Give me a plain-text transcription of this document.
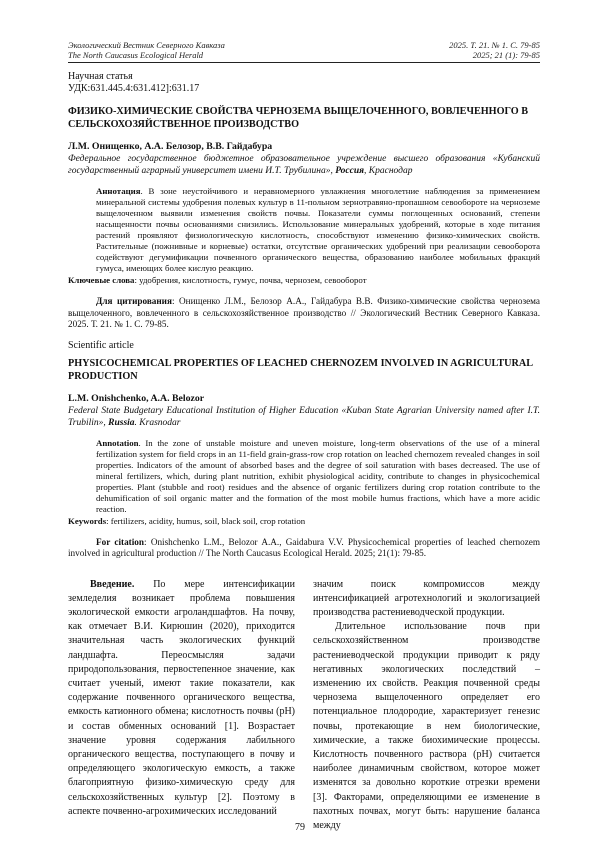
Экологический Вестник Северного Кавказа
The North Caucasus Ecological Herald
2025. Т. 21. № 1. С. 79-85
2025; 21 (1): 79-85
Научная статья
УДК:631.445.4:631.412]:631.17
ФИЗИКО-ХИМИЧЕСКИЕ СВОЙСТВА ЧЕРНОЗЕМА ВЫЩЕЛОЧЕННОГО, ВОВЛЕЧЕННОГО В СЕЛЬСКОХОЗЯЙСТВЕННОЕ ПРОИЗВОДСТВО
Л.М. Онищенко, А.А. Белозор, В.В. Гайдабура
Федеральное государственное бюджетное образовательное учреждение высшего образования «Кубанский государственный аграрный университет имени И.Т. Трубилина», Россия, Краснодар
Аннотация. В зоне неустойчивого и неравномерного увлажнения многолетние наблюдения за применением минеральной системы удобрения полевых культур в 11-польном зернотравяно-пропашном севообороте на черноземе выщелоченном выявили изменения свойств почвы. Показатели суммы поглощенных оснований, степени насыщенности почвы основаниями снизились. Использование минеральных удобрений, которые в ходе питания растений проявляют физиологическую кислотность, способствуют изменению физико-химических свойств. Растительные (пожнивные и корневые) остатки, отсутствие органических удобрений при реализации севооборота содействуют дегумификации почвенного органического вещества, образованию наиболее мобильных фракций гумуса, имеющих более кислую реакцию.
Ключевые слова: удобрения, кислотность, гумус, почва, чернозем, севооборот
Для цитирования: Онищенко Л.М., Белозор А.А., Гайдабура В.В. Физико-химические свойства чернозема выщелоченного, вовлеченного в сельскохозяйственное производство // Экологический Вестник Северного Кавказа. 2025. Т. 21. № 1. С. 79-85.
Scientific article
PHYSICOCHEMICAL PROPERTIES OF LEACHED CHERNOZEM INVOLVED IN AGRICULTURAL PRODUCTION
L.M. Onishchenko, A.A. Belozor
Federal State Budgetary Educational Institution of Higher Education «Kuban State Agrarian University named after I.T. Trubilin», Russia. Krasnodar
Annotation. In the zone of unstable moisture and uneven moisture, long-term observations of the use of a mineral fertilization system for field crops in an 11-field grain-grass-row crop rotation on leached chernozem revealed changes in soil properties. Indicators of the amount of absorbed bases and the degree of soil saturation with bases decreased. The use of mineral fertilizers, which, during plant nutrition, exhibit physiological acidity, contribute to changes in physicochemical properties. Plant (stubble and root) residues and the absence of organic fertilizers during crop rotation contribute to the dehumification of soil organic matter and the formation of the most mobile humus fractions, which have a more acidic reaction.
Keywords: fertilizers, acidity, humus, soil, black soil, crop rotation
For citation: Onishchenko L.M., Belozor A.A., Gaidabura V.V. Physicochemical properties of leached chernozem involved in agricultural production // The North Caucasus Ecological Herald. 2025; 21(1): 79-85.

Введение. По мере интенсификации земледелия возникает проблема повышения экологической емкости агроландшафтов. На почву, как отмечает В.И. Кирюшин (2020), приходится значительная часть экологических функций ландшафта. Переосмысляя задачи природопользования, первостепенное значение, как считает ученый, имеют такие показатели, как содержание почвенного органического вещества, емкость катионного обмена; кислотность почвы (рН) и состав обменных оснований [1]. Возрастает значение уровня содержания лабильного органического вещества, поступающего в почву и определяющего экологическую емкость, а также благоприятную физико-химическую среду для сельскохозяйственных культур [2]. Поэтому в аспекте почвенно-агрохимических исследований

значим поиск компромиссов между интенсификацией агротехнологий и экологизацией производства растениеводческой продукции.

Длительное использование почв при сельскохозяйственном производстве растениеводческой продукции приводит к ряду негативных экологических последствий – изменению их свойств. Реакция почвенной среды чернозема выщелоченного определяет его потенциальное плодородие, характеризует генезис почвы, протекающие в нем биологические, химические, а также биохимические процессы. Кислотность почвенного раствора (рН) считается наиболее динамичным свойством, которое может изменятся за довольно короткие отрезки времени [3]. Факторами, определяющими ее изменение в пахотных почвах, могут быть: нарушение баланса между

79
